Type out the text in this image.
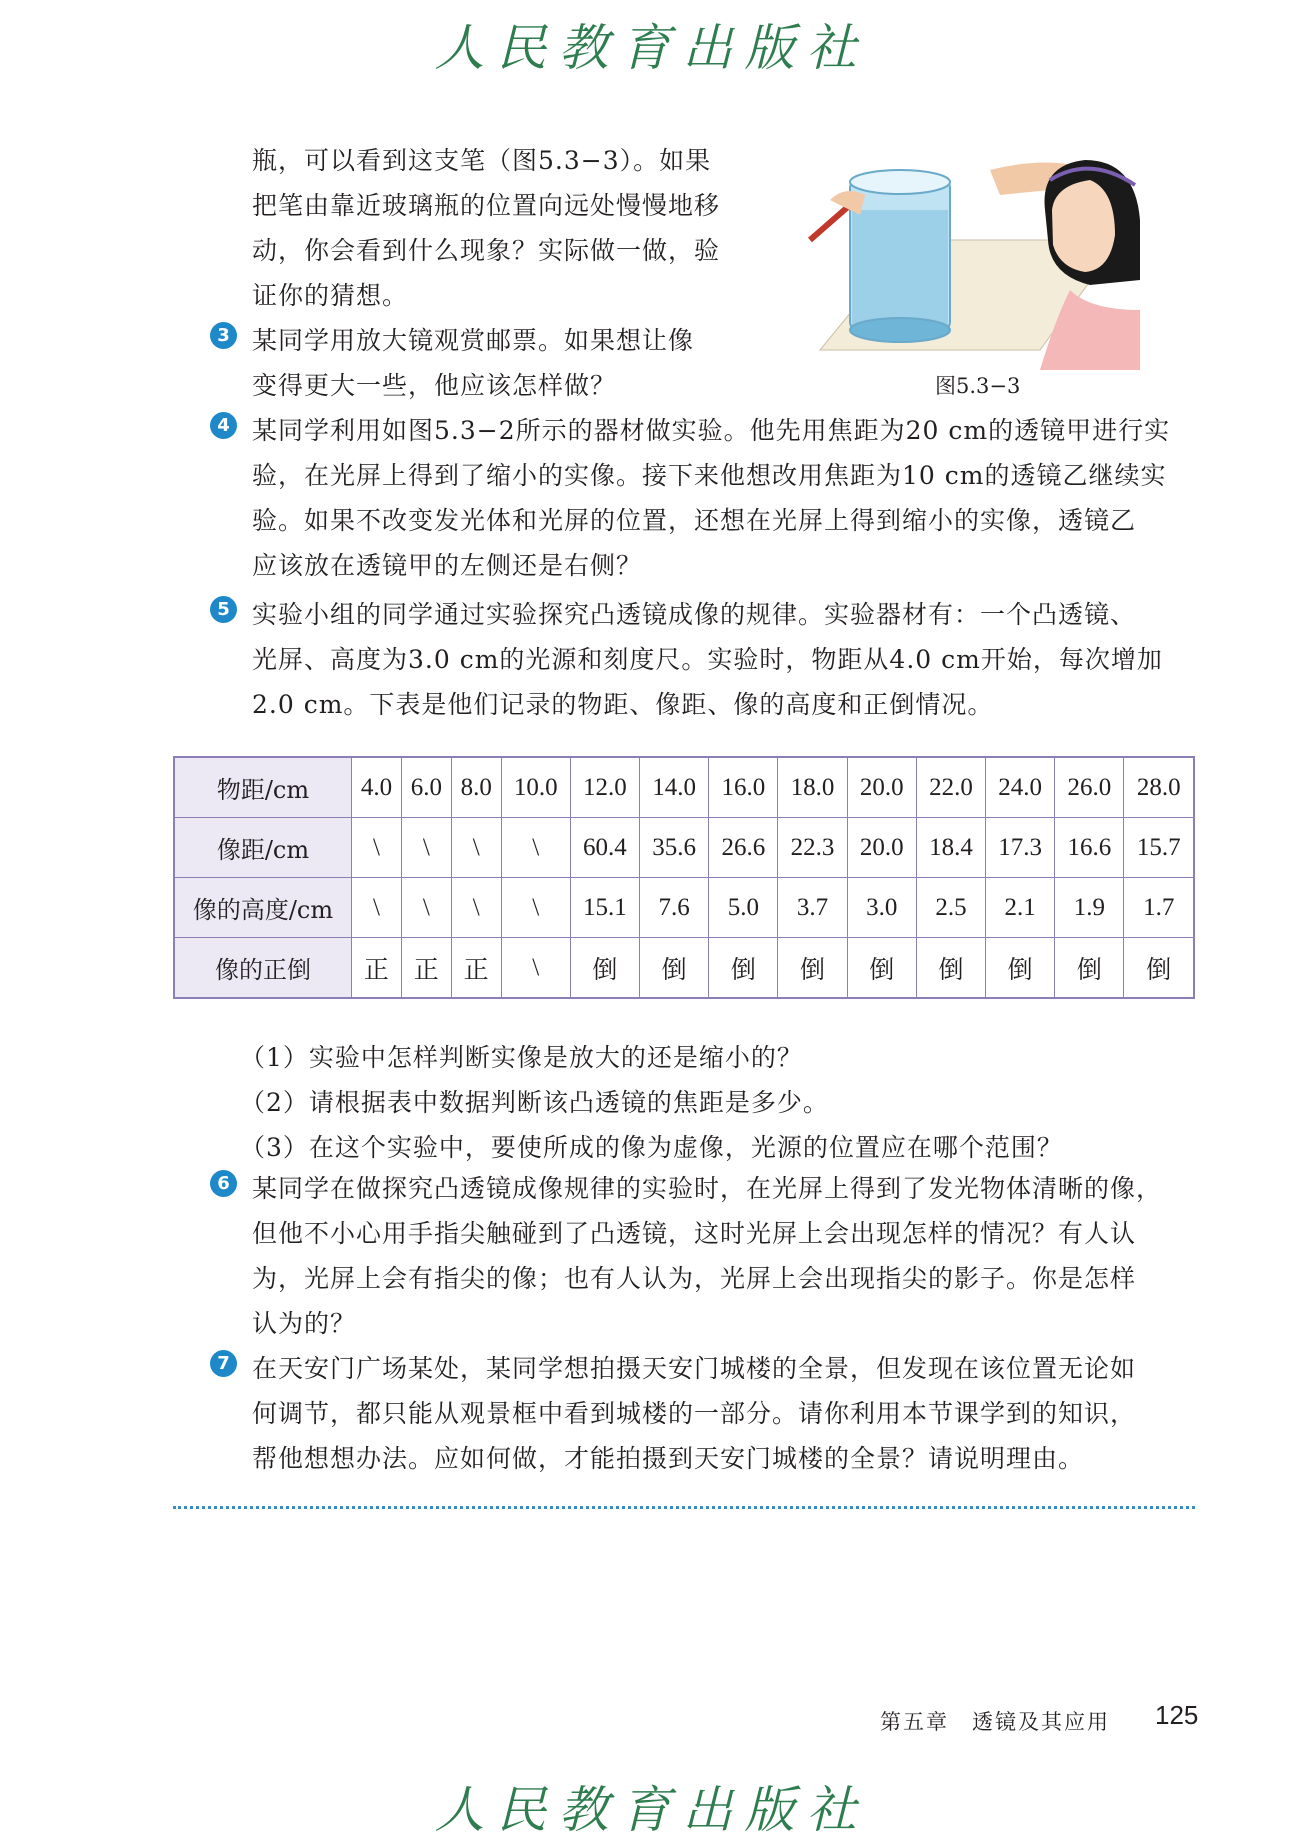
人民教育出版社
瓶，可以看到这支笔（图5.3−3）。如果
把笔由靠近玻璃瓶的位置向远处慢慢地移
动，你会看到什么现象？实际做一做，验
证你的猜想。
图5.3−3
3 某同学用放大镜观赏邮票。如果想让像
变得更大一些，他应该怎样做？
4 某同学利用如图5.3−2所示的器材做实验。他先用焦距为20 cm的透镜甲进行实
验，在光屏上得到了缩小的实像。接下来他想改用焦距为10 cm的透镜乙继续实
验。如果不改变发光体和光屏的位置，还想在光屏上得到缩小的实像，透镜乙
应该放在透镜甲的左侧还是右侧？
5 实验小组的同学通过实验探究凸透镜成像的规律。实验器材有：一个凸透镜、
光屏、高度为3.0 cm的光源和刻度尺。实验时，物距从4.0 cm开始，每次增加
2.0 cm。下表是他们记录的物距、像距、像的高度和正倒情况。
物距/cm	4.0	6.0	8.0	10.0	12.0	14.0	16.0	18.0	20.0	22.0	24.0	26.0	28.0
像距/cm	\	\	\	\	60.4	35.6	26.6	22.3	20.0	18.4	17.3	16.6	15.7
像的高度/cm	\	\	\	\	15.1	7.6	5.0	3.7	3.0	2.5	2.1	1.9	1.7
像的正倒	正	正	正	\	倒	倒	倒	倒	倒	倒	倒	倒	倒
（1）实验中怎样判断实像是放大的还是缩小的？
（2）请根据表中数据判断该凸透镜的焦距是多少。
（3）在这个实验中，要使所成的像为虚像，光源的位置应在哪个范围？
6 某同学在做探究凸透镜成像规律的实验时，在光屏上得到了发光物体清晰的像，
但他不小心用手指尖触碰到了凸透镜，这时光屏上会出现怎样的情况？有人认
为，光屏上会有指尖的像；也有人认为，光屏上会出现指尖的影子。你是怎样
认为的？
7 在天安门广场某处，某同学想拍摄天安门城楼的全景，但发现在该位置无论如
何调节，都只能从观景框中看到城楼的一部分。请你利用本节课学到的知识，
帮他想想办法。应如何做，才能拍摄到天安门城楼的全景？请说明理由。
第五章　透镜及其应用 125
人民教育出版社
